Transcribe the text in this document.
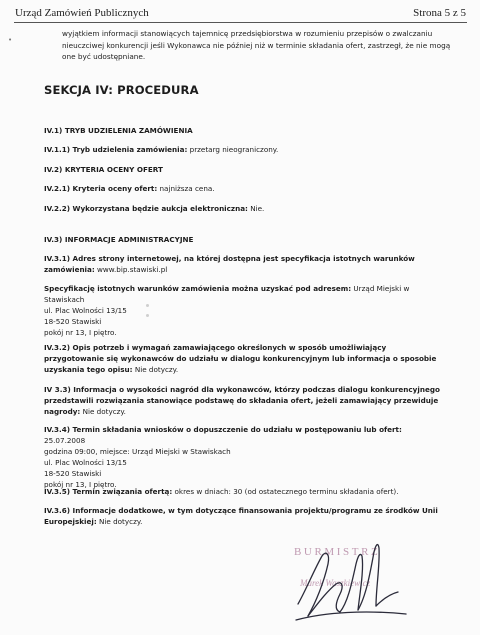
Urząd Zamówień Publicznych	Strona 5 z 5
•
wyjątkiem informacji stanowiących tajemnicę przedsiębiorstwa w rozumieniu przepisów o zwalczaniu
nieuczciwej konkurencji jeśli Wykonawca nie później niż w terminie składania ofert, zastrzegł, że nie mogą
one być udostępniane.
SEKCJA IV: PROCEDURA
IV.1) TRYB UDZIELENIA ZAMÓWIENIA
IV.1.1) Tryb udzielenia zamówienia: przetarg nieograniczony.
IV.2) KRYTERIA OCENY OFERT
IV.2.1) Kryteria oceny ofert: najniższa cena.
IV.2.2) Wykorzystana będzie aukcja elektroniczna: Nie.
IV.3) INFORMACJE ADMINISTRACYJNE
IV.3.1) Adres strony internetowej, na której dostępna jest specyfikacja istotnych warunków
zamówienia: www.bip.stawiski.pl
Specyfikację istotnych warunków zamówienia można uzyskać pod adresem: Urząd Miejski w
Stawiskach
ul. Plac Wolności 13/15
18-520 Stawiski
pokój nr 13, I piętro.
IV.3.2) Opis potrzeb i wymagań zamawiającego określonych w sposób umożliwiający
przygotowanie się wykonawców do udziału w dialogu konkurencyjnym lub informacja o sposobie
uzyskania tego opisu: Nie dotyczy.
IV 3.3) Informacja o wysokości nagród dla wykonawców, którzy podczas dialogu konkurencyjnego
przedstawili rozwiązania stanowiące podstawę do składania ofert, jeżeli zamawiający przewiduje
nagrody: Nie dotyczy.
IV.3.4) Termin składania wniosków o dopuszczenie do udziału w postępowaniu lub ofert: 25.07.2008
godzina 09:00, miejsce: Urząd Miejski w Stawiskach
ul. Plac Wolności 13/15
18-520 Stawiski
pokój nr 13, I piętro.
IV.3.5) Termin związania ofertą: okres w dniach: 30 (od ostatecznego terminu składania ofert).
IV.3.6) Informacje dodatkowe, w tym dotyczące finansowania projektu/programu ze środków Unii
Europejskiej: Nie dotyczy.
BURMISTRZ
Marek Waszkiewicz
